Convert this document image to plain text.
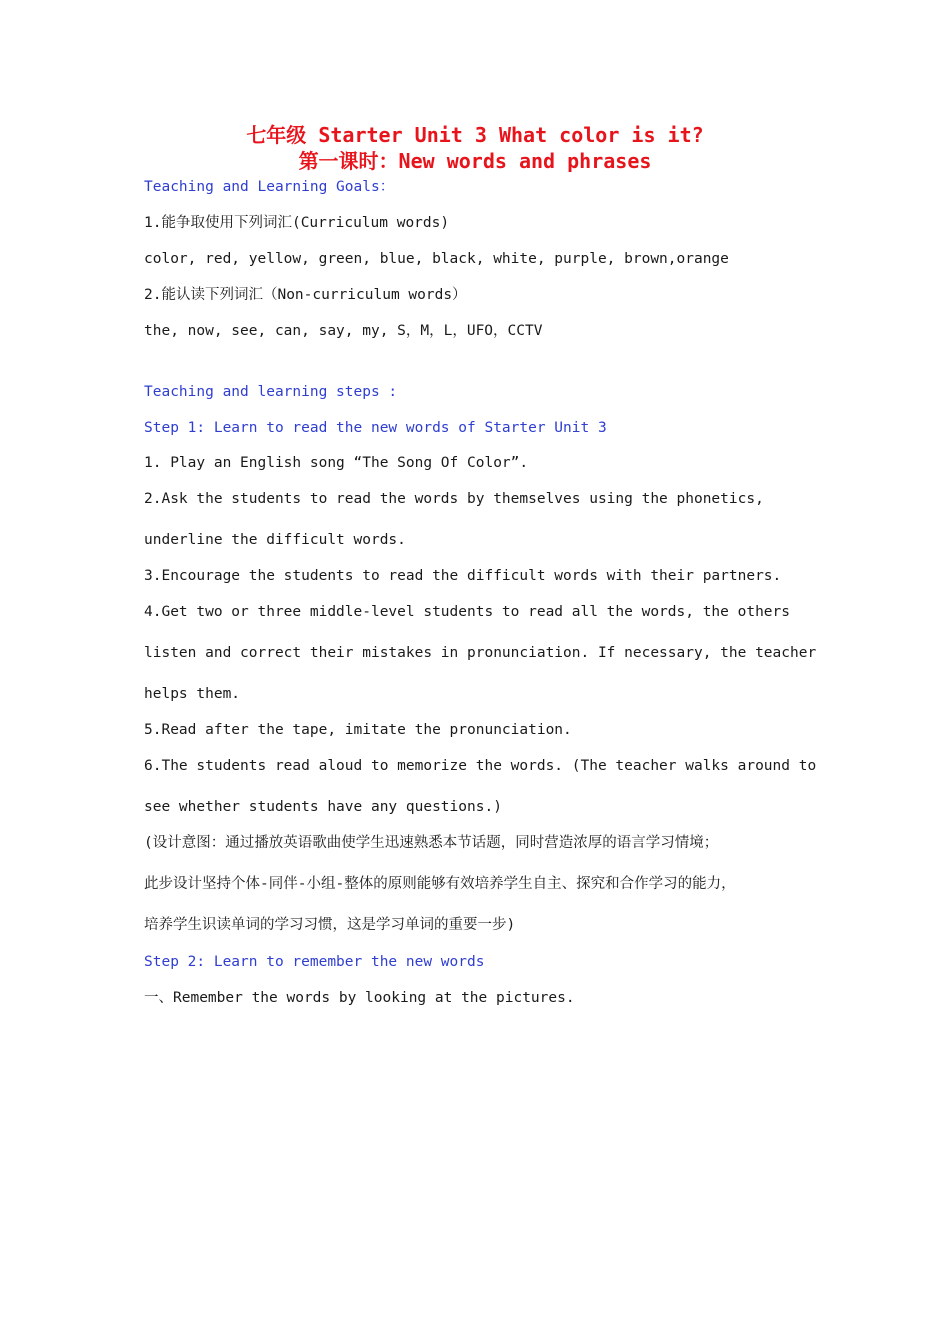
七年级 Starter Unit 3 What color is it?
第一课时：New words and phrases
Teaching and Learning Goals：
1.能争取使用下列词汇(Curriculum words)
color, red, yellow, green, blue, black, white, purple, brown,orange
2.能认读下列词汇（Non-curriculum words）
the, now, see, can, say, my, S，M，L，UFO，CCTV
Teaching and learning steps :
Step 1: Learn to read the new words of Starter Unit 3
1. Play an English song “The Song Of Color”.
2.Ask the students to read the words by themselves using the phonetics,
underline the difficult words.
3.Encourage the students to read the difficult words with their partners.
4.Get two or three middle-level students to read all the words, the others
listen and correct their mistakes in pronunciation. If necessary, the teacher
helps them.
5.Read after the tape, imitate the pronunciation.
6.The students read aloud to memorize the words. (The teacher walks around to
see whether students have any questions.)
(设计意图：通过播放英语歌曲使学生迅速熟悉本节话题，同时营造浓厚的语言学习情境；
此步设计坚持个体-同伴-小组-整体的原则能够有效培养学生自主、探究和合作学习的能力，
培养学生识读单词的学习习惯，这是学习单词的重要一步)
Step 2: Learn to remember the new words
一、Remember the words by looking at the pictures.
